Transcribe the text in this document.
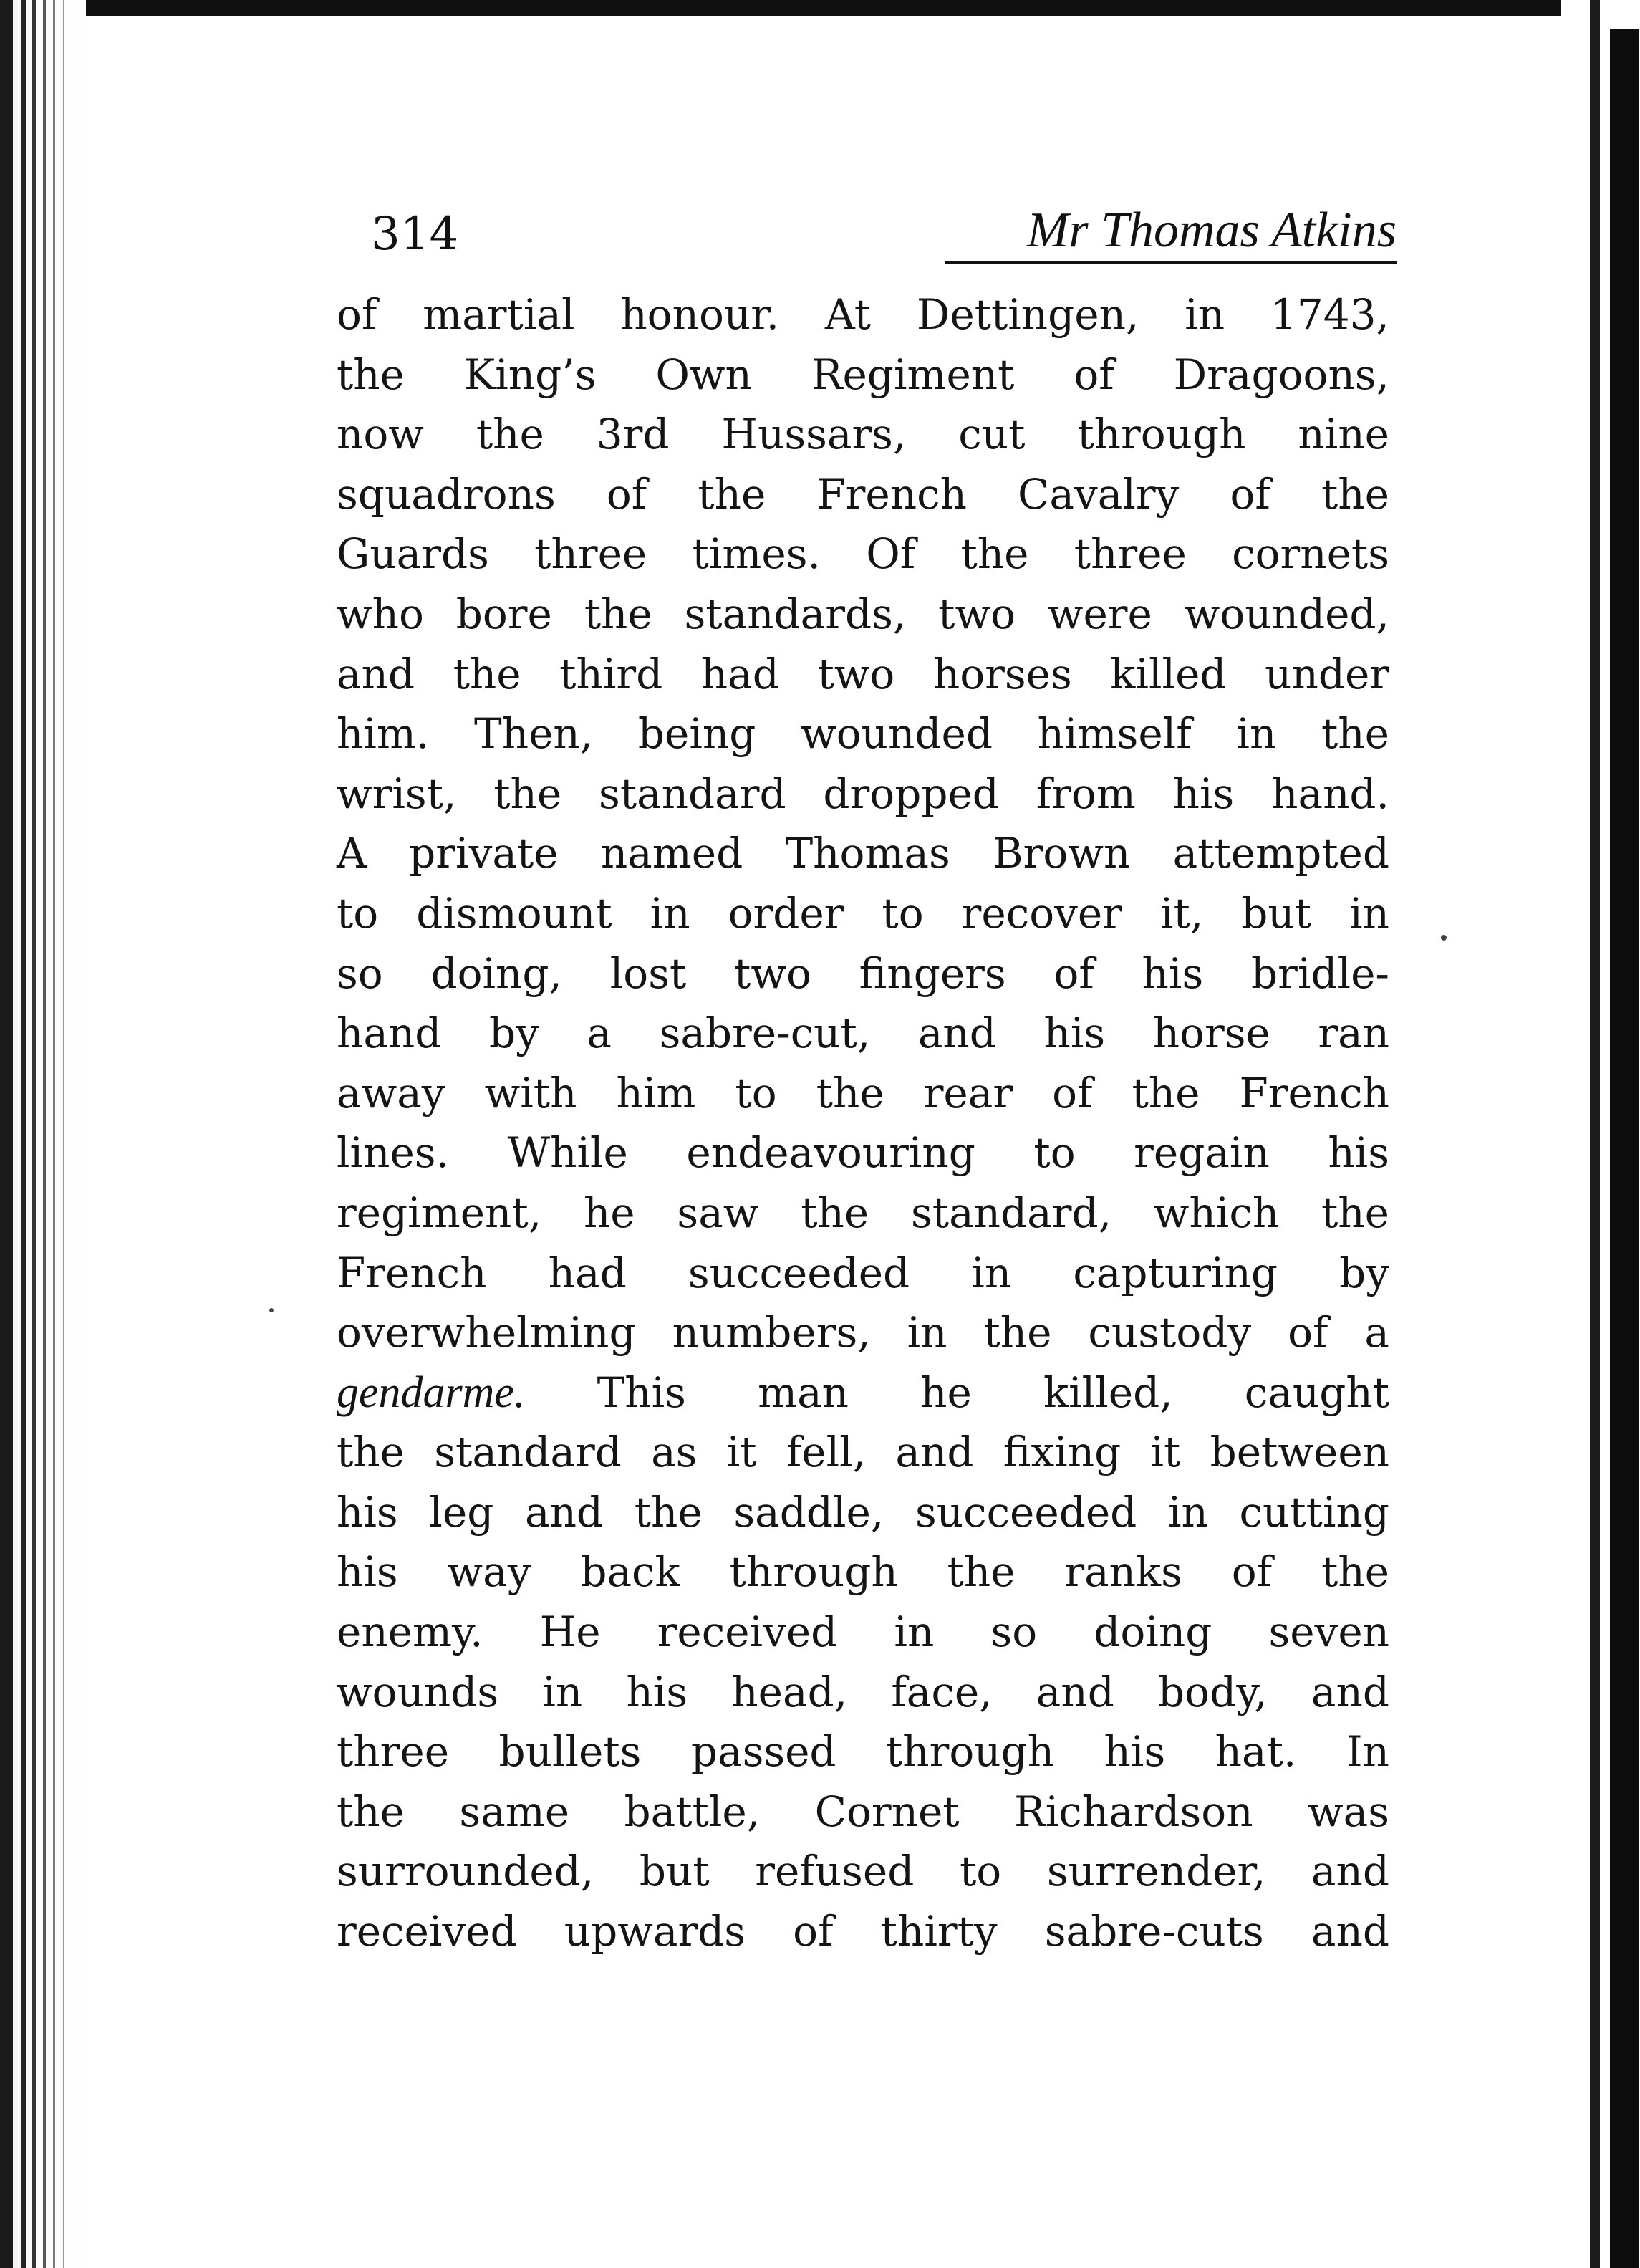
314	Mr Thomas Atkins
of martial honour. At Dettingen, in 1743,
the King’s Own Regiment of Dragoons,
now the 3rd Hussars, cut through nine
squadrons of the French Cavalry of the
Guards three times. Of the three cornets
who bore the standards, two were wounded,
and the third had two horses killed under
him. Then, being wounded himself in the
wrist, the standard dropped from his hand.
A private named Thomas Brown attempted
to dismount in order to recover it, but in
so doing, lost two fingers of his bridle-
hand by a sabre-cut, and his horse ran
away with him to the rear of the French
lines. While endeavouring to regain his
regiment, he saw the standard, which the
French had succeeded in capturing by
overwhelming numbers, in the custody of a
gendarme. This man he killed, caught
the standard as it fell, and fixing it between
his leg and the saddle, succeeded in cutting
his way back through the ranks of the
enemy. He received in so doing seven
wounds in his head, face, and body, and
three bullets passed through his hat. In
the same battle, Cornet Richardson was
surrounded, but refused to surrender, and
received upwards of thirty sabre-cuts and
